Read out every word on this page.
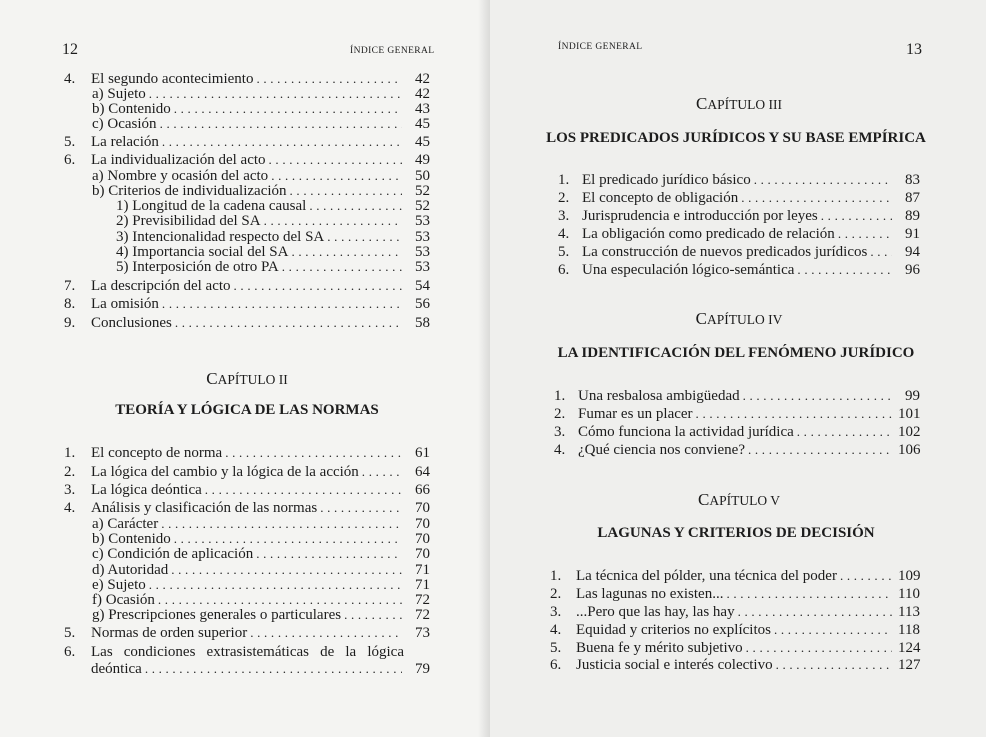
12	ÍNDICE GENERAL
4. El segundo acontecimiento . . .	42
a) Sujeto . . .	42
b) Contenido . . .	43
c) Ocasión . . .	45
5. La relación . . .	45
6. La individualización del acto . . .	49
a) Nombre y ocasión del acto . . .	50
b) Criterios de individualización . . .	52
1) Longitud de la cadena causal . . .	52
2) Previsibilidad del SA . . .	53
3) Intencionalidad respecto del SA . . .	53
4) Importancia social del SA . . .	53
5) Interposición de otro PA . . .	53
7. La descripción del acto . . .	54
8. La omisión . . .	56
9. Conclusiones . . .	58
CAPÍTULO II
TEORÍA Y LÓGICA DE LAS NORMAS
1. El concepto de norma . . .	61
2. La lógica del cambio y la lógica de la acción . . .	64
3. La lógica deóntica . . .	66
4. Análisis y clasificación de las normas . . .	70
a) Carácter . . .	70
b) Contenido . . .	70
c) Condición de aplicación . . .	70
d) Autoridad . . .	71
e) Sujeto . . .	71
f) Ocasión . . .	72
g) Prescripciones generales o particulares . . .	72
5. Normas de orden superior . . .	73
6. Las condiciones extrasistemáticas de la lógica
deóntica . . .	79
ÍNDICE GENERAL	13
CAPÍTULO III
LOS PREDICADOS JURÍDICOS Y SU BASE EMPÍRICA
1. El predicado jurídico básico . . .	83
2. El concepto de obligación . . .	87
3. Jurisprudencia e introducción por leyes . . .	89
4. La obligación como predicado de relación . . .	91
5. La construcción de nuevos predicados jurídicos . . .	94
6. Una especulación lógico-semántica . . .	96
CAPÍTULO IV
LA IDENTIFICACIÓN DEL FENÓMENO JURÍDICO
1. Una resbalosa ambigüedad . . .	99
2. Fumar es un placer . . .	101
3. Cómo funciona la actividad jurídica . . .	102
4. ¿Qué ciencia nos conviene? . . .	106
CAPÍTULO V
LAGUNAS Y CRITERIOS DE DECISIÓN
1. La técnica del pólder, una técnica del poder . . .	109
2. Las lagunas no existen... . . .	110
3. ...Pero que las hay, las hay . . .	113
4. Equidad y criterios no explícitos . . .	118
5. Buena fe y mérito subjetivo . . .	124
6. Justicia social e interés colectivo . . .	127
